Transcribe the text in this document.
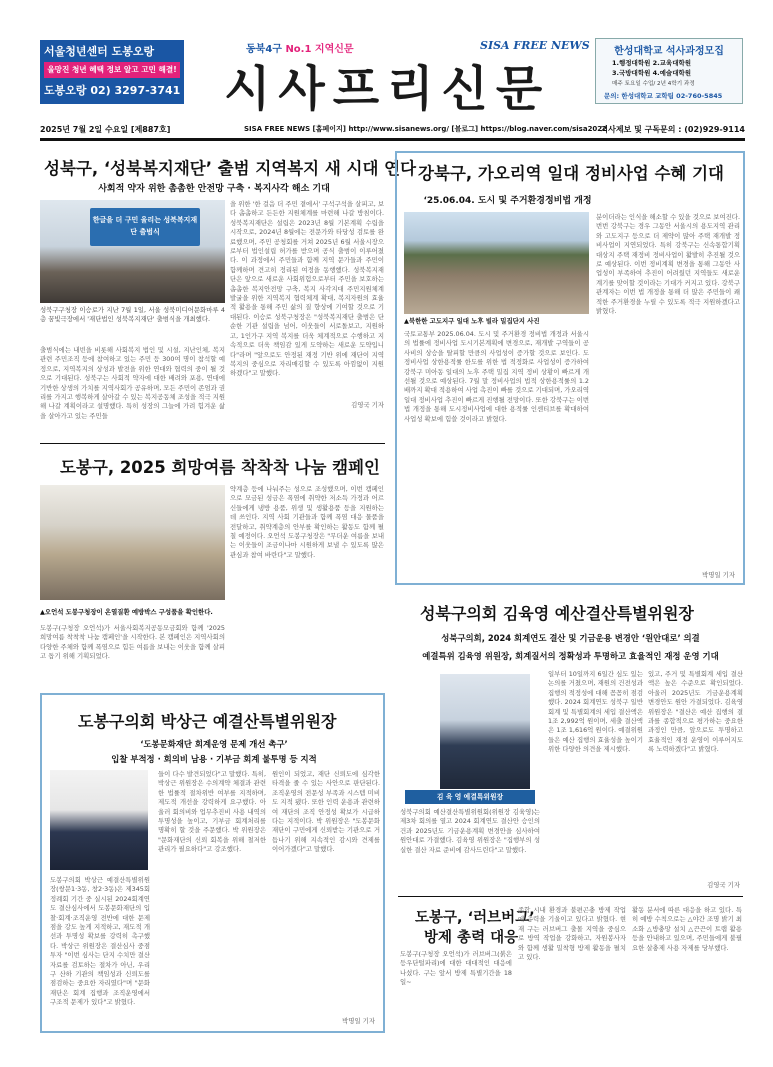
서울청년센터 도봉오랑
울망진 청년 혜택 정보 알고 고민 해결!
도봉오랑 02) 3297-3741
동북4구 No.1 지역신문	SISA FREE NEWS
시사프리신문
한성대학교 석사과정모집
1.행정대학원 2.교육대학원
3.국방대학원 4.예술대학원
매주 토요일 수업/ 2년 4학기 과정
문의: 한성대학교 교학팀 02-760-5845
2025년 7월 2일 수요일 [제887호]	SISA FREE NEWS [홈페이지] http://www.sisanews.org/ [블로그] https://blog.naver.com/sisa2022
기사제보 및 구독문의 : (02)929-9114
성북구, ‘성북복지재단’ 출범 지역복지 새 시대 연다
사회적 약자 위한 촘촘한 안전망 구축 · 복지사각 해소 기대
한글을 더 구민 울리는 성북복지재단 출범식
성북구구청장 이승로가 지난 7월 1일, 서울 성북미디어문화마루 4층 꿈빛극장에서 '재단법인 성북복지재단' 출범식을 개최했다.
출범식에는 내빈을 비롯해 사회복지 법인 및 시설, 지난인체, 복지 관련 주민조직 등에 참여하고 있는 주민 등 300여 명이 참석할 예정으로, 지역복지의 상성과 발전을 위한 연대와 협력의 중이 될 것으로 기대된다. 성북구는 사회적 약자에 대한 배려와 포용, 연대에 기반한 상생의 가치를 지역사회가 공유하며, 모든 주민이 존엄과 권리를 가지고 행복하게 살아갈 수 있는 복지공동체 조성을 적극 지원해 나갈 계획이라고 설명했다. 특히 성장의 그늘에 가려 힘겨운 삶을 살아가고 있는 주민들
을 위한 '한 걸음 더 주민 곁에서' 구석구석을 살피고, 보다 촘촘하고 든든한 지원체계를 마련해 나갈 방침이다. 성북복지재단은 설립은 2023년 8월 기본계획 수립을 시작으로, 2024년 8월에는 전문가와 타당성 검토를 완료했으며, 주민 공청회를 거쳐 2025년 6월 서울시장으로부터 법인설립 허가를 받으며 공식 출범이 이루어졌다. 이 과정에서 주민들과 함께 지역 문가들과 주민이 함께하며 견고히 정리된 여정을 동행했다. 성북복지재단은 앞으로 새로운 사회위험으로부터 주민을 보호하는 촘촘한 복지안전망 구축, 복지 사각지대 주민지원체계 발굴을 위한 지역복지 협력체계 확대, 복지자원의 효율적 활용을 통해 주민 삶의 질 향상에 기여할 것으로 기대된다. 이승로 성북구청장은 "성북복지재단 출범은 단순한 기관 설립을 넘어, 이웃들이 서로돌보고, 지원하고, 1인가구 지역 복지를 더욱 체계적으로 수행하고 지속적으로 더욱 책임감 있게 도약하는 새로운 도약입니다"라며 "앞으로도 안정된 재정 기반 위에 재단이 지역복지의 중심으로 자리매김할 수 있도록 아낌없이 지원하겠다"고 말했다.
김영국 기자
강북구, 가오리역 일대 정비사업 수혜 기대
‘25.06.04. 도시 및 주거환경정비법 개정
▲북한한 고도지구 일대 노후 빌라 밀집단지 사진
국토교통부 2025.06.04. 도시 및 주거환경 정비법 개정과 서울시의 법률에 정비사업 도시기본계획에 변경으로, 재개발 구역들이 공사비의 상승을 탈피할 만큼의 사업성이 증가할 것으로 보인다. 도 정비사업 상한용적률 한도를 위한 법 적정화로 사업성이 증가하여 강북구 미아동 일대의 노후 주택 밀집 지역 정비 상황이 빠르게 개선될 것으로 예상된다. 7월 말 정비사업의 법적 상한용적률의 1.2배까지 확대 적용하여 사업 촉진이 빠를 것으로 기대되며, 가오리역 일대 정비사업 추진이 빠르게 진행될 전망이다. 또한 강북구는 이번 법 개정을 통해 도시정비사업에 대한 용적률 인센티브를 확대하여 사업성 확보에 힘쓸 것이라고 밝혔다.
분이더라는 인식을 해소할 수 있을 것으로 보여진다. 번번 강북구는 경우 그동안 서울시의 용도지역 관리와 고도지구 등으로 더 제약이 많아 주택 재개발 정비사업이 지연되었다. 특히 강북구는 신속통합기획 대상지 주택 재정비 정비사업이 활발히 추진될 것으로 예상된다. 이번 정비계획 변경을 통해 그동안 사업성이 부족하여 추진이 어려웠던 지역들도 새로운 계기를 맞이할 것이라는 기대가 커지고 있다. 강북구 관계자는 이번 법 개정을 통해 더 많은 주민들이 쾌적한 주거환경을 누릴 수 있도록 적극 지원하겠다고 밝혔다.
박명일 기자
도봉구, 2025 희망여름 착착착 나눔 캠페인
▲오언석 도봉구청장이 온열질환 예방박스 구성품을 확인한다.
도봉구(구청장 오언석)가 서울사회복지공동모금회와 함께 '2025 희망여름 착착착 나눔 캠페인'을 시작한다. 본 캠페인은 지역사회의 다양한 주체와 함께 폭염으로 힘든 여름을 보내는 이웃을 함께 살피고 돕기 위해 기획되었다.
약계층 등에 나눠주는 성으로 조성했으며, 이번 캠페인으로 모금된 성금은 폭염에 취약한 저소득 가정과 어르신들에게 냉방 용품, 위생 및 생활용품 등을 지원하는 데 쓰인다. 지역 사회 기관들과 함께 폭염 대응 물품을 전달하고, 취약계층의 안부를 확인하는 활동도 함께 펼칠 예정이다. 오언석 도봉구청장은 "무더운 여름을 보내는 이웃들이 조금이나마 시원하게 보낼 수 있도록 많은 관심과 참여 바란다"고 말했다.
성북구의회 김육영 예산결산특별위원장
성북구의회, 2024 회계연도 결산 및 기금운용 변경안 ‘원안대로’ 의결
예결특위 김육영 위원장, 회계질서의 정확성과 투명하고 효율적인 재정 운영 기대
김 육 영 예결특위원장
성북구의회 예산결산특별위원회(위원장 김육영)는 제3차 회의를 열고 2024 회계연도 결산안 승인의 건과 2025년도 기금운용계획 변경안을 심사하여 원안대로 가결했다. 김육영 위원장은 "집행부의 성실한 결산 자료 준비에 감사드린다"고 말했다.
일부터 10일까지 6일간 심도 있는 논의를 거쳤으며, 재원의 건전성과 집행의 적정성에 대해 꼼꼼히 점검했다. 2024 회계연도 성북구 일반회계 및 특별회계의 세입 결산액은 1조 2,992억 원이며, 세출 결산액은 1조 1,616억 원이다. 예결위원들은 예산 집행의 효율성을 높이기 위한 다양한 의견을 제시했다.
있고, 주거 및 특별회계 세입 결산액은 높은 수준으로 확인되었다. 아울러 2025년도 기금운용계획 변경안도 원안 가결되었다. 김육영 위원장은 "결산은 예산 집행의 결과를 종합적으로 평가하는 중요한 과정인 만큼, 앞으로도 투명하고 효율적인 재정 운영이 이루어지도록 노력하겠다"고 밝혔다.
김영국 기자
도봉구의회 박상근 예결산특별위원장
‘도봉문화재단 회계운영 문제 개선 촉구’
입찰 부적정 · 회의비 남용 · 기부금 회계 불투명 등 지적
도봉구의회 박상근 예결산특별위원장(쌍문1·3동, 창2·3동)은 제345회 정례회 기간 중 실시된 2024회계연도 결산심사에서 도봉문화재단의 입찰·회계·조직운영 전반에 대한 문제점을 강도 높게 지적하고, 재도적 개선과 투명성 확보를 강력히 촉구했다. 박상근 위원장은 결산심사 중점 투자 "이번 심사는 단지 수치만 결산자료를 검토하는 절차가 아닌, 우리 구 산하 기관의 책임성과 신뢰도를 점검하는 중요한 자리였다"며 "문화재단은 회계 집행과 조직운영에서 구조적 문제가 있다"고 밝혔다.
들이 다수 발견되었다"고 말했다. 특히, 박상근 위원장은 수의계약 체결과 관련한 법률적 절차위반 여부를 지적하며, 제도적 개선을 강력하게 요구했다. 아울러 회의비와 업무추진비 사용 내역의 투명성을 높이고, 기부금 회계처리를 명확히 할 것을 주문했다. 박 위원장은 "문화재단의 신뢰 회복을 위해 철저한 관리가 필요하다"고 강조했다.
원인이 되었고, 재단 신뢰도에 심각한 타격을 줄 수 있는 사안으로 판단된다. 조직운영의 전문성 부족과 시스템 미비도 지적 됐다. 또한 인력 운용과 관련하여 재단의 조직 안정성 확보가 시급하다는 지적이다. 박 위원장은 "도봉문화재단이 구민에게 신뢰받는 기관으로 거듭나기 위해 지속적인 감시와 견제를 이어가겠다"고 말했다.
박명일 기자
도봉구, ‘러브버그’
방제 총력 대응
도봉구(구청장 오언석)가 러브버그(붉은등우단털파리)에 대한 대대적인 대응에 나섰다. 구는 앞서 방제 특별기간을 18일~
종합 시내 환경과 불편곤충 방제 작업에 총력을 기울이고 있다고 밝혔다. 현재 구는 러브버그 출몰 지역을 중심으로 방역 작업을 강화하고, 자원봉사자와 함께 생활 밀착형 방제 활동을 펼치고 있다.
활동 분서에 따른 대응을 하고 있다. 특히 예방 수칙으로는 △야간 조명 밝기 최소화 △방충망 설치 △끈끈이 트랩 활용 등을 안내하고 있으며, 주민들에게 불필요한 살충제 사용 자제를 당부했다.
